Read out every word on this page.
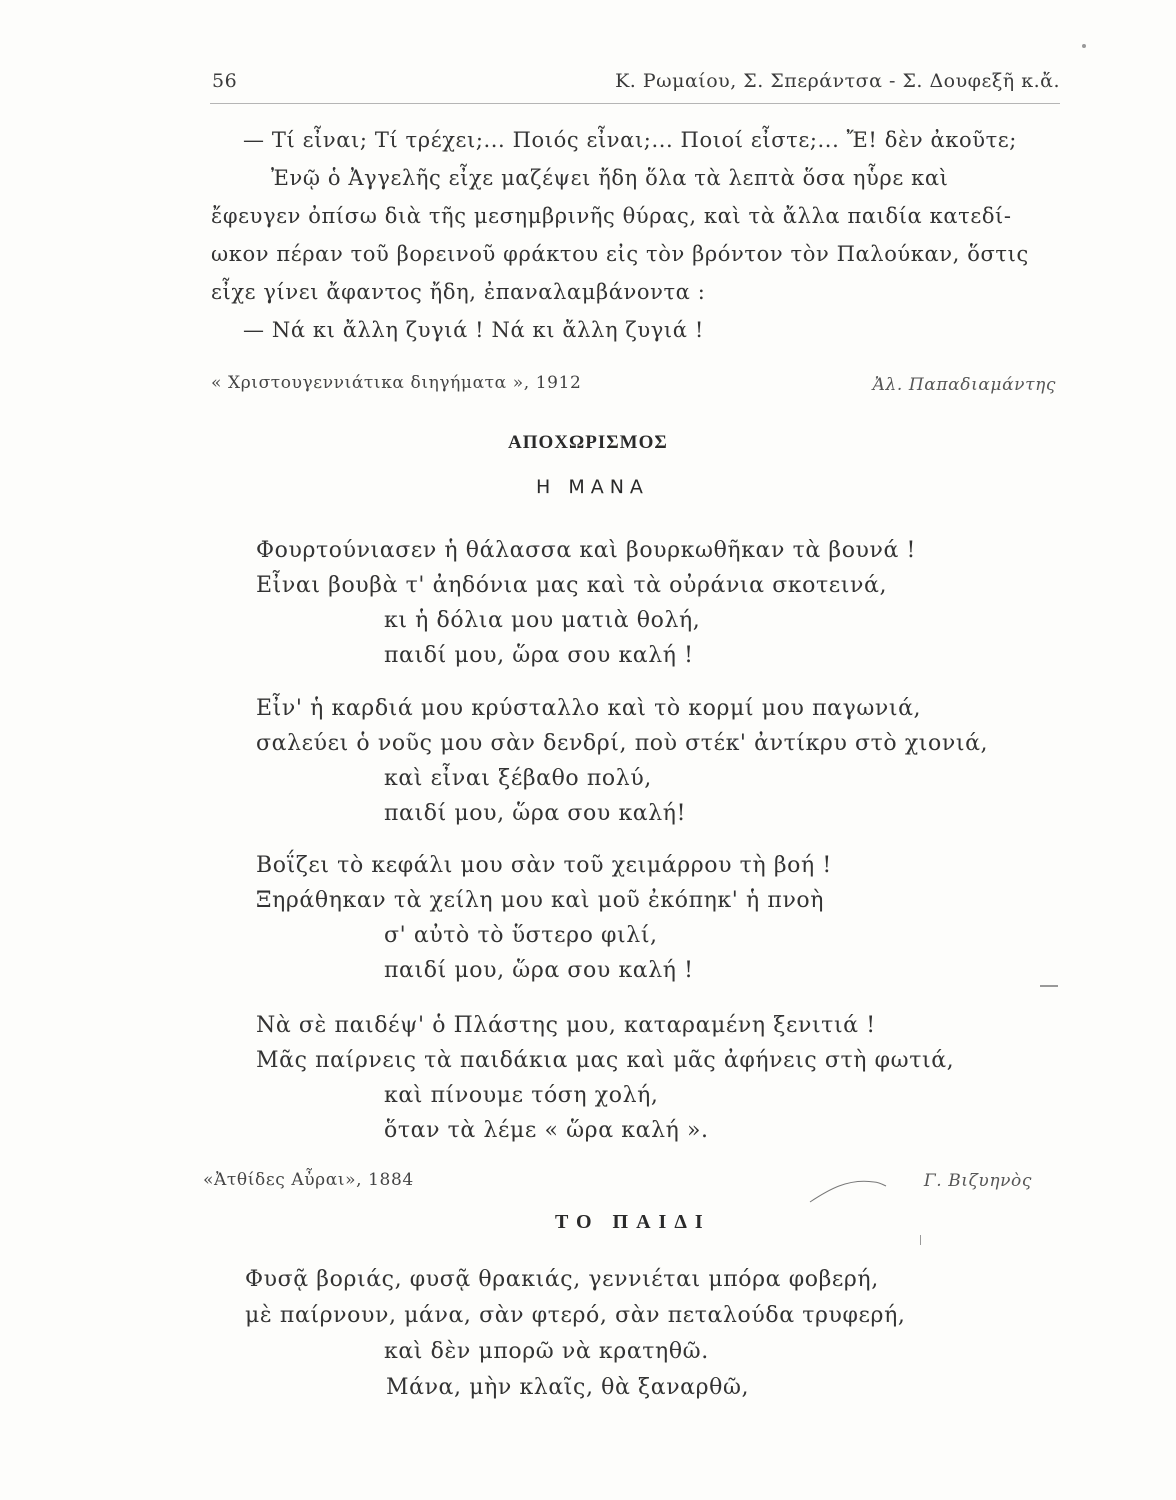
56	Κ. Ρωμαίου, Σ. Σπεράντσα - Σ. Δουφεξῆ κ.ἄ.
— Τί εἶναι; Τί τρέχει;... Ποιός εἶναι;... Ποιοί εἶστε;... Ἔ! δὲν ἀκοῦτε;
Ἐνῷ ὁ Ἀγγελῆς εἶχε μαζέψει ἤδη ὅλα τὰ λεπτὰ ὅσα ηὗρε καὶ
ἔφευγεν ὀπίσω διὰ τῆς μεσημβρινῆς θύρας, καὶ τὰ ἄλλα παιδία κατεδί-
ωκον πέραν τοῦ βορεινοῦ φράκτου εἰς τὸν βρόντον τὸν Παλούκαν, ὅστις
εἶχε γίνει ἄφαντος ἤδη, ἐπαναλαμβάνοντα :
— Νά κι ἄλλη ζυγιά ! Νά κι ἄλλη ζυγιά !
« Χριστουγεννιάτικα διηγήματα », 1912	Ἀλ. Παπαδιαμάντης
ΑΠΟΧΩΡΙΣΜΟΣ
Η ΜΑΝΑ
Φουρτούνιασεν ἡ θάλασσα καὶ βουρκωθῆκαν τὰ βουνά !
Εἶναι βουβὰ τ' ἀηδόνια μας καὶ τὰ οὐράνια σκοτεινά,
κι ἡ δόλια μου ματιὰ θολή,
παιδί μου, ὥρα σου καλή !
Εἶν' ἡ καρδιά μου κρύσταλλο καὶ τὸ κορμί μου παγωνιά,
σαλεύει ὁ νοῦς μου σὰν δενδρί, ποὺ στέκ' ἀντίκρυ στὸ χιονιά,
καὶ εἶναι ξέβαθο πολύ,
παιδί μου, ὥρα σου καλή!
Βοΐζει τὸ κεφάλι μου σὰν τοῦ χειμάρρου τὴ βοή !
Ξηράθηκαν τὰ χείλη μου καὶ μοῦ ἐκόπηκ' ἡ πνοὴ
σ' αὐτὸ τὸ ὕστερο φιλί,
παιδί μου, ὥρα σου καλή !
Νὰ σὲ παιδέψ' ὁ Πλάστης μου, καταραμένη ξενιτιά !
Μᾶς παίρνεις τὰ παιδάκια μας καὶ μᾶς ἀφήνεις στὴ φωτιά,
καὶ πίνουμε τόση χολή,
ὅταν τὰ λέμε « ὥρα καλή ».
«Ἀτθίδες Αὖραι», 1884	Γ. Βιζυηνὸς
ΤΟ ΠΑΙΔΙ
Φυσᾷ βοριάς, φυσᾷ θρακιάς, γεννιέται μπόρα φοβερή,
μὲ παίρνουν, μάνα, σὰν φτερό, σὰν πεταλούδα τρυφερή,
καὶ δὲν μπορῶ νὰ κρατηθῶ.
Μάνα, μὴν κλαῖς, θὰ ξαναρθῶ,
